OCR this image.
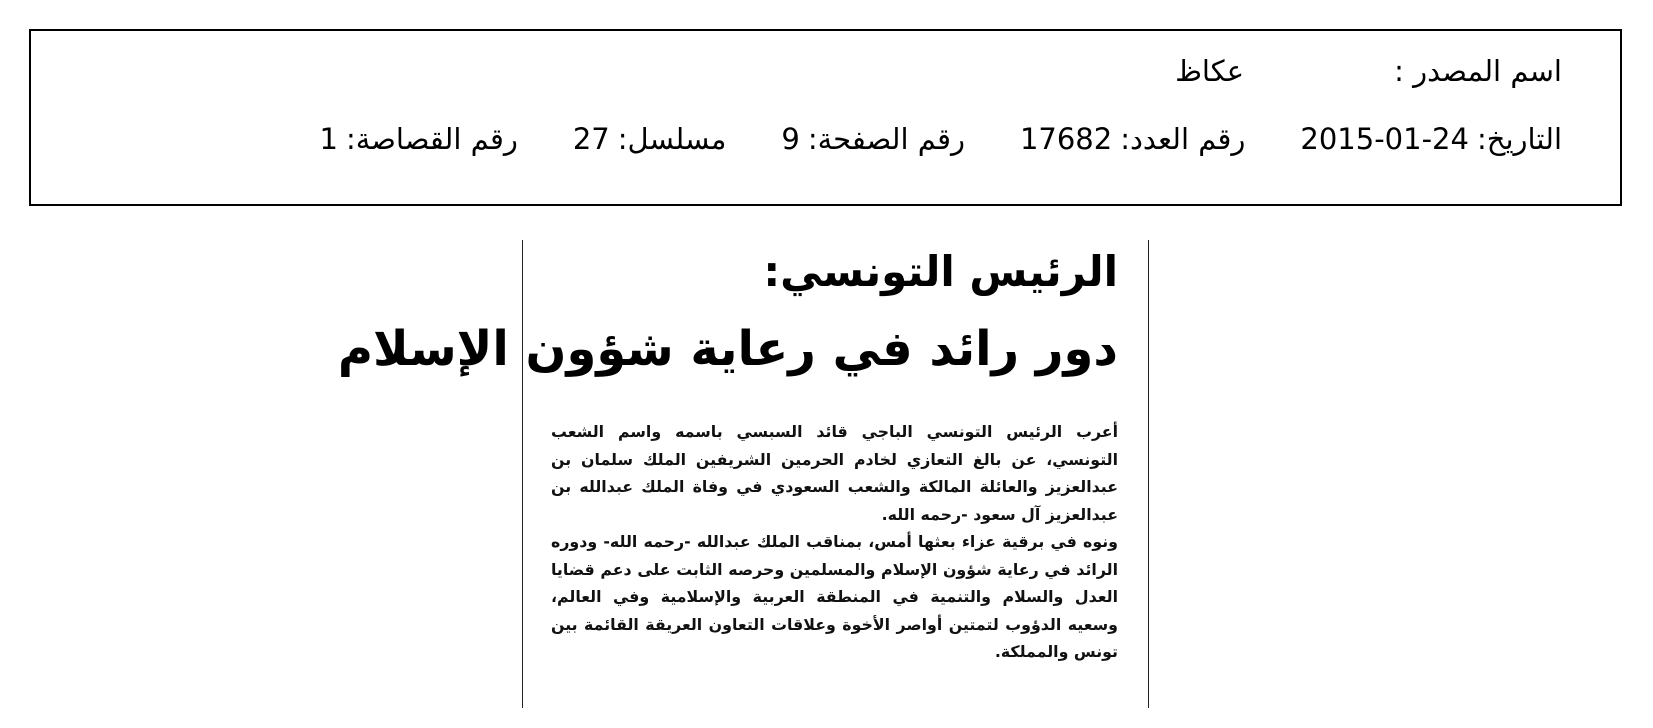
اسم المصدر :
عكاظ
التاريخ:
2015-01-24
رقم العدد:
17682
رقم الصفحة:
9
مسلسل:
27
رقم القصاصة:
1
الرئيس التونسي:
دور رائد في رعاية شؤون الإسلام

أعرب الرئيس التونسي الباجي قائد السبسي باسمه واسم الشعب التونسي، عن بالغ التعازي لخادم الحرمين الشريفين الملك سلمان بن عبدالعزيز والعائلة المالكة والشعب السعودي في وفاة الملك عبدالله بن عبدالعزيز آل سعود -رحمه الله.

ونوه في برقية عزاء بعثها أمس، بمناقب الملك عبدالله -رحمه الله- ودوره الرائد في رعاية شؤون الإسلام والمسلمين وحرصه الثابت على دعم قضايا العدل والسلام والتنمية في المنطقة العربية والإسلامية وفي العالم، وسعيه الدؤوب لتمتين أواصر الأخوة وعلاقات التعاون العريقة القائمة بين تونس والمملكة.
